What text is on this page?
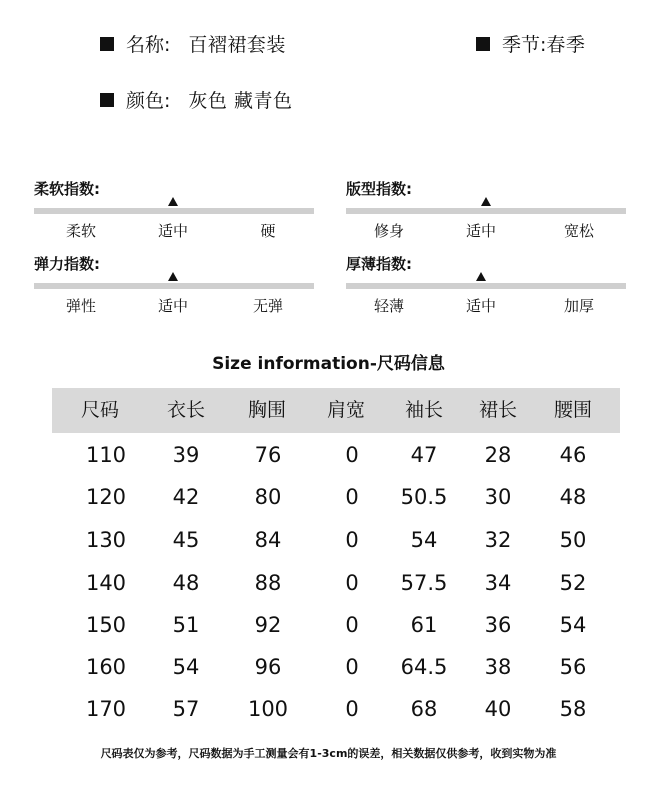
名称: 百褶裙套装	季节: 春季
颜色: 灰色 藏青色
柔软指数:
柔软	适中	硬
版型指数:
修身	适中	宽松
弹力指数:
弹性	适中	无弹
厚薄指数:
轻薄	适中	加厚
Size information-尺码信息
尺码	衣长 胸围 肩宽 袖长 裙长 腰围
110 39	76	0 47 28 46
120 42	80	0 50.5 30 48
130 45	84	0 54 32 50
140 48	88	0 57.5 34 52
150 51	92	0 61 36 54
160 54	96	0 64.5 38 56
170 57 100	0 68 40 58
尺码表仅为参考，尺码数据为手工测量会有1-3cm的误差，相关数据仅供参考，收到实物为准
